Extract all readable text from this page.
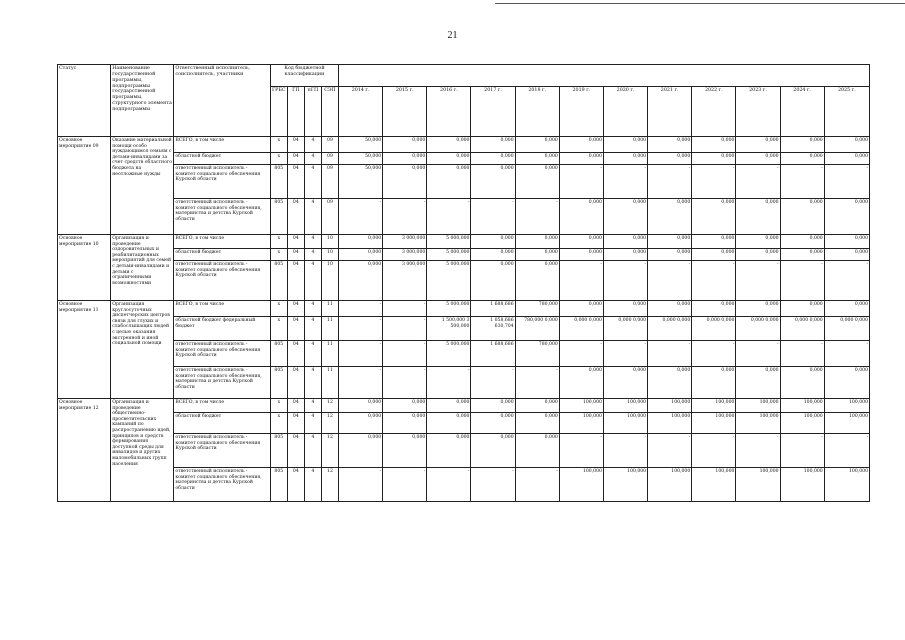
21
Статус	Наименование государственной программы, подпрограммы государственной программы, структурного элемента подпрограммы	Ответственный исполнитель, соисполнитель, участники	Код бюджетной классификации															
			ГРБС	ГП	пГП	СЭП	2014 г.	2015 г.	2016 г.	2017 г.	2018 г.	2019 г.	2020 г.	2021 г.	2022 г.	2023 г.	2024 г.	2025 г.
Основное мероприятие 09	Оказание материальной помощи особо нуждающимся семьям с детьми-инвалидами за счет средств областного бюджета на неотложные нужды	ВСЕГО, в том числе	х	04	4	09	50,000	0,000	0,000	0,000	0,000	0,000	0,000	0,000	0,000	0,000	0,000	0,000
		областной бюджет	х	04	4	09	50,000	0,000	0,000	0,000	0,000	0,000	0,000	0,000	0,000	0,000	0,000	0,000
		ответственный исполнитель - комитет социального обеспечения Курской области	805	04	4	09	50,000	0,000	0,000	0,000	0,000	-	-	-	-	-	-	-
		ответственный исполнитель - комитет социального обеспечения, материнства и детства Курской области	805	04	4	09	-	-	-	-	-	0,000	0,000	0,000	0,000	0,000	0,000	0,000
Основное мероприятие 10	Организация и проведение оздоровительных и реабилитационных мероприятий для семей с детьми-инвалидами и детьми с ограниченными возможностями	ВСЕГО, в том числе	х	04	4	10	0,000	3 000,000	5 000,000	0,000	0,000	0,000	0,000	0,000	0,000	0,000	0,000	0,000
		областной бюджет	х	04	4	10	0,000	3 000,000	5 000,000	0,000	0,000	0,000	0,000	0,000	0,000	0,000	0,000	0,000
		ответственный исполнитель - комитет социального обеспечения Курской области	805	04	4	10	0,000	3 000,000	5 000,000	0,000	0,000	-	-	-	-	-	-	-
Основное мероприятие 11	Организация круглосуточных диспетчерских центров связи для глухих и слабослышащих людей с целью оказания экстренной и иной социальной помощи	ВСЕГО, в том числе	х	04	4	11	-	-	5 000,000	1 688,686	780,000	0,000	0,000	0,000	0,000	0,000	0,000	0,000
		областной бюджет федеральный бюджет	х	04	4	11	-	-	1 500,000 3 500,000	1 058,686 630,704	780,000 0,000	0,000 0,000	0,000 0,000	0,000 0,000	0,000 0,000	0,000 0,000	0,000 0,000	0,000 0,000
		ответственный исполнитель - комитет социального обеспечения Курской области	805	04	4	11	-	-	5 000,000	1 688,686	780,000	-	-	-	-	-	-	-
		ответственный исполнитель - комитет социального обеспечения, материнства и детства Курской области	805	04	4	11	-	-	-	-	-	0,000	0,000	0,000	0,000	0,000	0,000	0,000
Основное мероприятие 12	Организация и проведение общественно-просветительских кампаний по распространению идей, принципов и средств формирования доступной среды для инвалидов и других маломобильных групп населения	ВСЕГО, в том числе	х	04	4	12	0,000	0,000	0,000	0,000	0,000	100,000	100,000	100,000	100,000	100,000	100,000	100,000
		областной бюджет	х	04	4	12	0,000	0,000	0,000	0,000	0,000	100,000	100,000	100,000	100,000	100,000	100,000	100,000
		ответственный исполнитель - комитет социального обеспечения Курской области	805	04	4	12	0,000	0,000	0,000	0,000	0,000	-	-	-	-	-	-	-
		ответственный исполнитель - комитет социального обеспечения, материнства и детства Курской области	805	04	4	12	-	-	-	-	-	100,000	100,000	100,000	100,000	100,000	100,000	100,000
